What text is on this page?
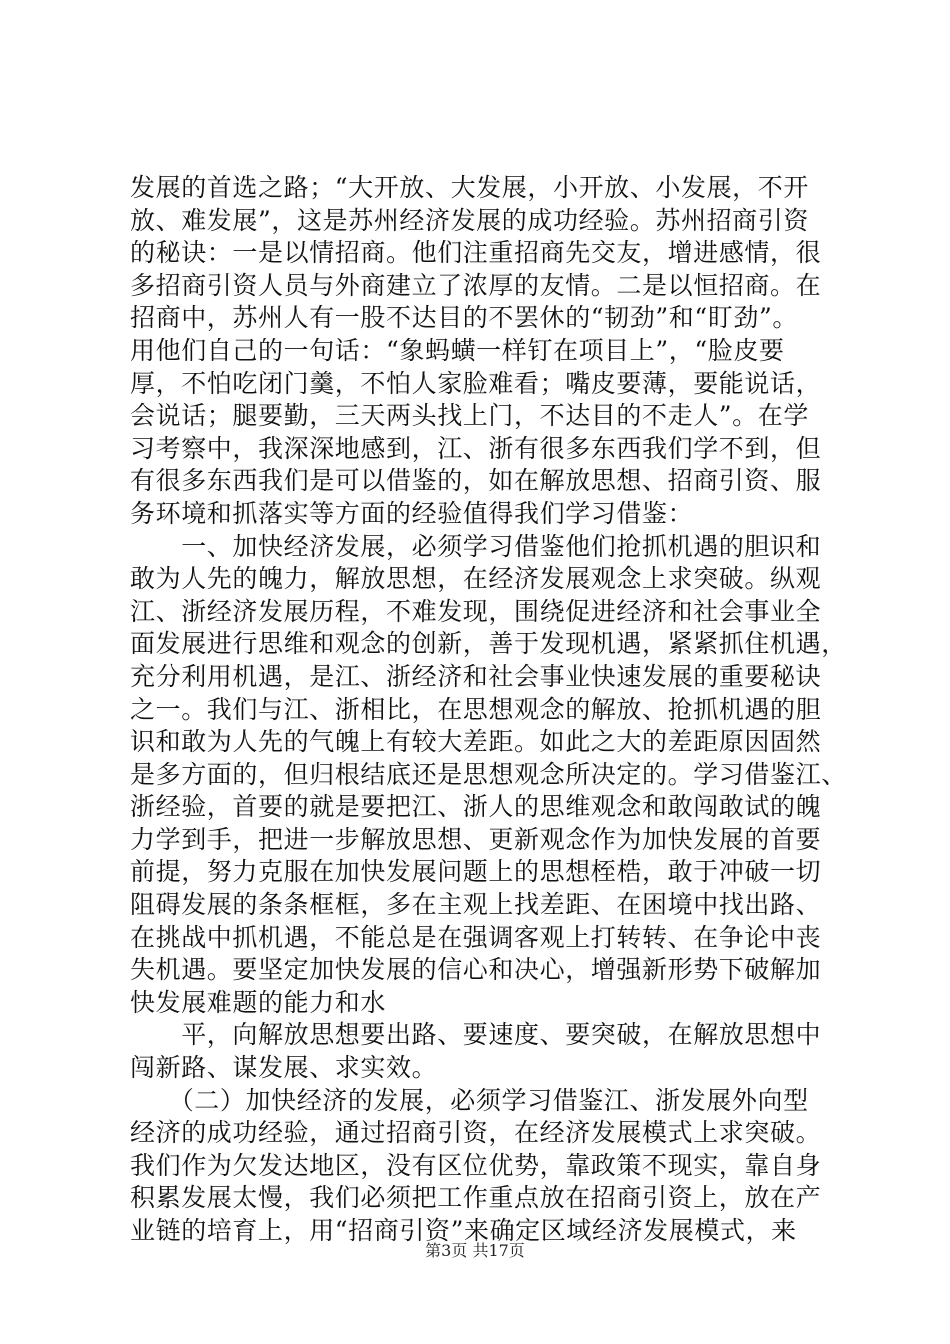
发展的首选之路；“大开放、大发展，小开放、小发展，不开
放、难发展”，这是苏州经济发展的成功经验。苏州招商引资
的秘诀：一是以情招商。他们注重招商先交友，增进感情，很
多招商引资人员与外商建立了浓厚的友情。二是以恒招商。在
招商中，苏州人有一股不达目的不罢休的“韧劲”和“盯劲”。
用他们自己的一句话：“象蚂蟥一样钉在项目上”，“脸皮要
厚，不怕吃闭门羹，不怕人家脸难看；嘴皮要薄，要能说话，
会说话；腿要勤，三天两头找上门，不达目的不走人”。在学
习考察中，我深深地感到，江、浙有很多东西我们学不到，但
有很多东西我们是可以借鉴的，如在解放思想、招商引资、服
务环境和抓落实等方面的经验值得我们学习借鉴：
　　一、加快经济发展，必须学习借鉴他们抢抓机遇的胆识和
敢为人先的魄力，解放思想，在经济发展观念上求突破。纵观
江、浙经济发展历程，不难发现，围绕促进经济和社会事业全
面发展进行思维和观念的创新，善于发现机遇，紧紧抓住机遇，
充分利用机遇，是江、浙经济和社会事业快速发展的重要秘诀
之一。我们与江、浙相比，在思想观念的解放、抢抓机遇的胆
识和敢为人先的气魄上有较大差距。如此之大的差距原因固然
是多方面的，但归根结底还是思想观念所决定的。学习借鉴江、
浙经验，首要的就是要把江、浙人的思维观念和敢闯敢试的魄
力学到手，把进一步解放思想、更新观念作为加快发展的首要
前提，努力克服在加快发展问题上的思想桎梏，敢于冲破一切
阻碍发展的条条框框，多在主观上找差距、在困境中找出路、
在挑战中抓机遇，不能总是在强调客观上打转转、在争论中丧
失机遇。要坚定加快发展的信心和决心，增强新形势下破解加
快发展难题的能力和水
　　平，向解放思想要出路、要速度、要突破，在解放思想中
闯新路、谋发展、求实效。
　　（二）加快经济的发展，必须学习借鉴江、浙发展外向型
经济的成功经验，通过招商引资，在经济发展模式上求突破。
我们作为欠发达地区，没有区位优势，靠政策不现实，靠自身
积累发展太慢，我们必须把工作重点放在招商引资上，放在产
业链的培育上，用“招商引资”来确定区域经济发展模式，来
第3页 共17页
